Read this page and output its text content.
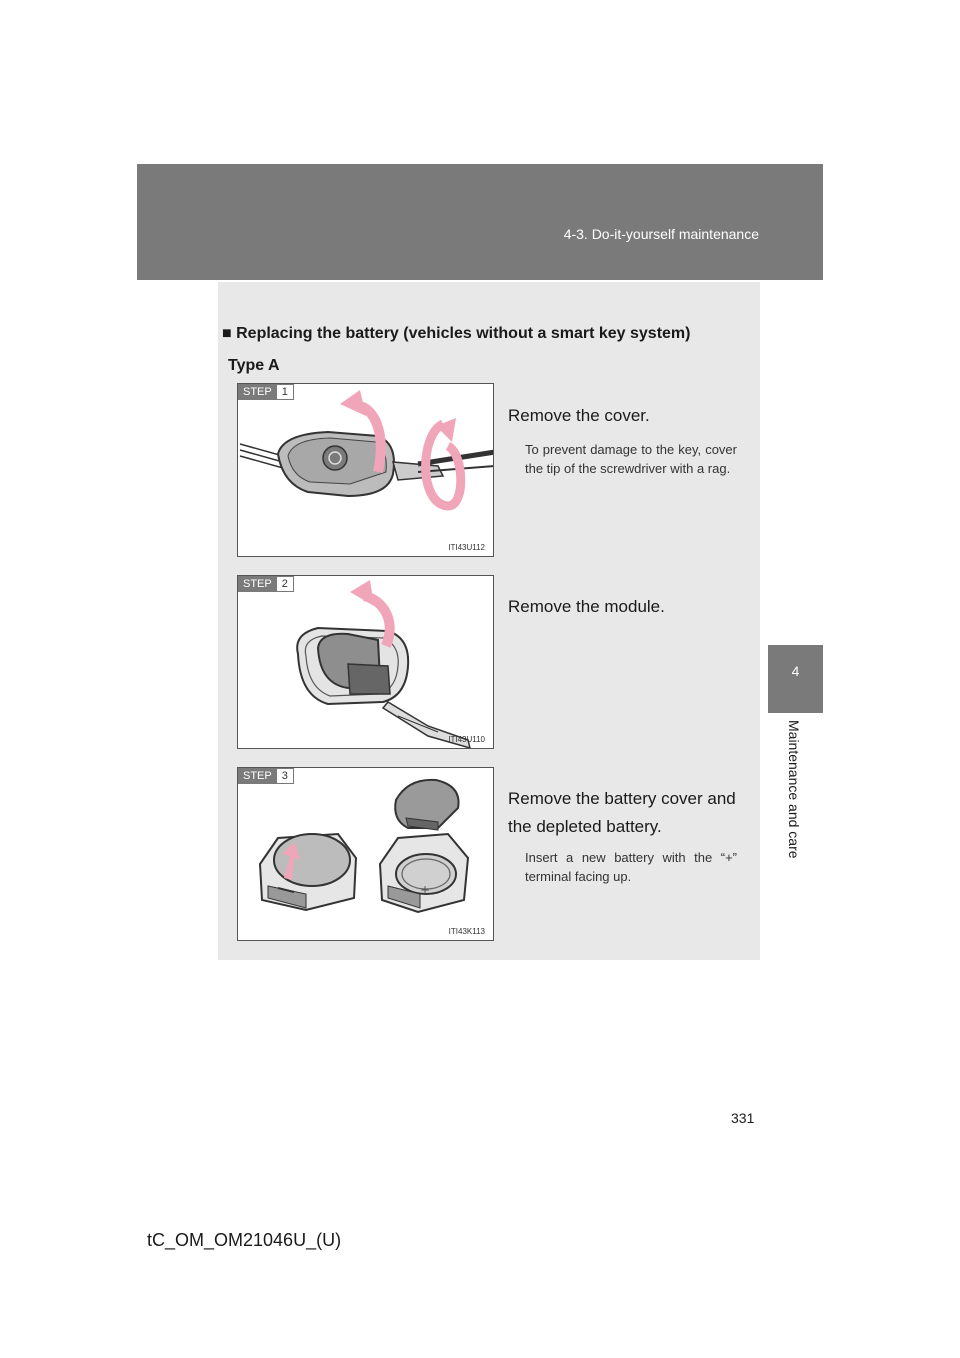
4-3. Do-it-yourself maintenance
4
Maintenance and care
■ Replacing the battery (vehicles without a smart key system)
Type A
STEP 1
ITI43U112
Remove the cover.
To prevent damage to the key, cover the tip of the screwdriver with a rag.
STEP 2
ITI43U110
Remove the module.
+
STEP 3
ITI43K113
Remove the battery cover and the depleted battery.
Insert a new battery with the “+” terminal facing up.
331
tC_OM_OM21046U_(U)
